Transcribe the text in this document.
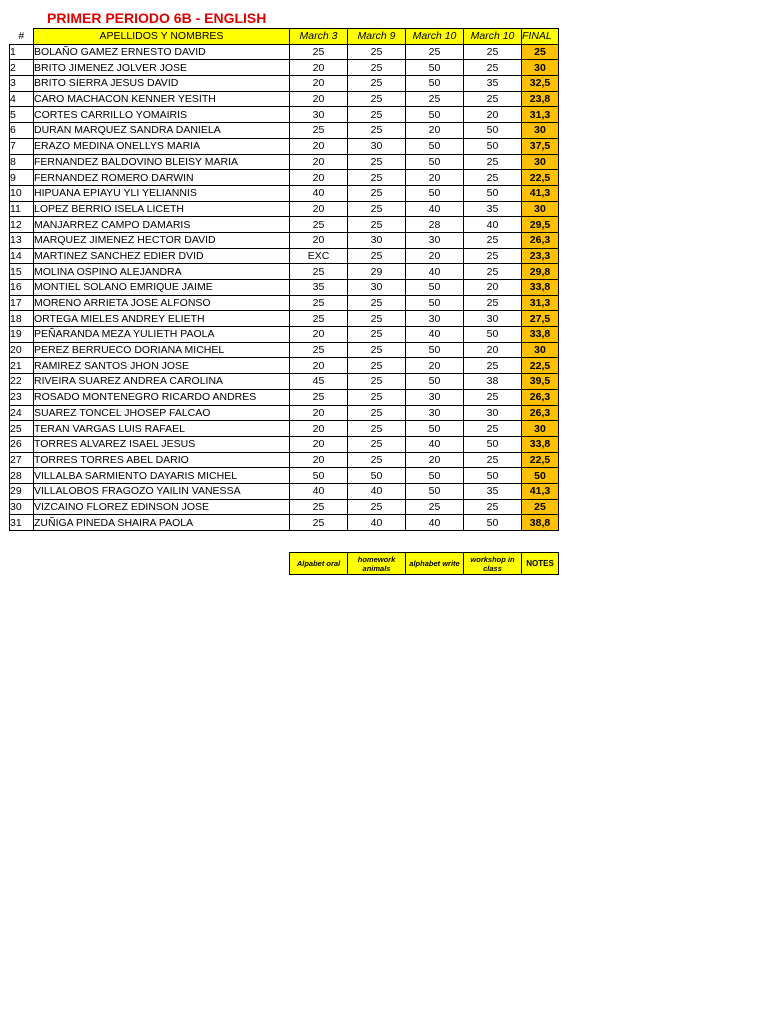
PRIMER PERIODO 6B - ENGLISH
#	APELLIDOS Y NOMBRES	March 3	March 9	March 10	March 10	FINAL
1	BOLAÑO GAMEZ ERNESTO DAVID	25	25	25	25	25
2	BRITO JIMENEZ JOLVER JOSE	20	25	50	25	30
3	BRITO SIERRA JESUS DAVID	20	25	50	35	32,5
4	CARO MACHACON KENNER YESITH	20	25	25	25	23,8
5	CORTES CARRILLO YOMAIRIS	30	25	50	20	31,3
6	DURAN MARQUEZ SANDRA DANIELA	25	25	20	50	30
7	ERAZO MEDINA ONELLYS MARIA	20	30	50	50	37,5
8	FERNANDEZ BALDOVINO BLEISY MARIA	20	25	50	25	30
9	FERNANDEZ ROMERO DARWIN	20	25	20	25	22,5
10	HIPUANA EPIAYU YLI YELIANNIS	40	25	50	50	41,3
11	LOPEZ BERRIO ISELA LICETH	20	25	40	35	30
12	MANJARREZ CAMPO DAMARIS	25	25	28	40	29,5
13	MARQUEZ JIMENEZ HECTOR DAVID	20	30	30	25	26,3
14	MARTINEZ SANCHEZ EDIER DVID	EXC	25	20	25	23,3
15	MOLINA OSPINO ALEJANDRA	25	29	40	25	29,8
16	MONTIEL SOLANO EMRIQUE JAIME	35	30	50	20	33,8
17	MORENO ARRIETA JOSE ALFONSO	25	25	50	25	31,3
18	ORTEGA MIELES ANDREY ELIETH	25	25	30	30	27,5
19	PEÑARANDA MEZA YULIETH PAOLA	20	25	40	50	33,8
20	PEREZ BERRUECO DORIANA MICHEL	25	25	50	20	30
21	RAMIREZ SANTOS JHON JOSE	20	25	20	25	22,5
22	RIVEIRA SUAREZ ANDREA CAROLINA	45	25	50	38	39,5
23	ROSADO MONTENEGRO RICARDO ANDRES	25	25	30	25	26,3
24	SUAREZ TONCEL JHOSEP FALCAO	20	25	30	30	26,3
25	TERAN VARGAS LUIS RAFAEL	20	25	50	25	30
26	TORRES ALVAREZ ISAEL JESUS	20	25	40	50	33,8
27	TORRES TORRES ABEL DARIO	20	25	20	25	22,5
28	VILLALBA SARMIENTO DAYARIS MICHEL	50	50	50	50	50
29	VILLALOBOS FRAGOZO YAILIN VANESSA	40	40	50	35	41,3
30	VIZCAINO FLOREZ EDINSON JOSE	25	25	25	25	25
31	ZUÑIGA PINEDA SHAIRA PAOLA	25	40	40	50	38,8
Alpabet oral	homework animals	alphabet write	workshop in class	NOTES
